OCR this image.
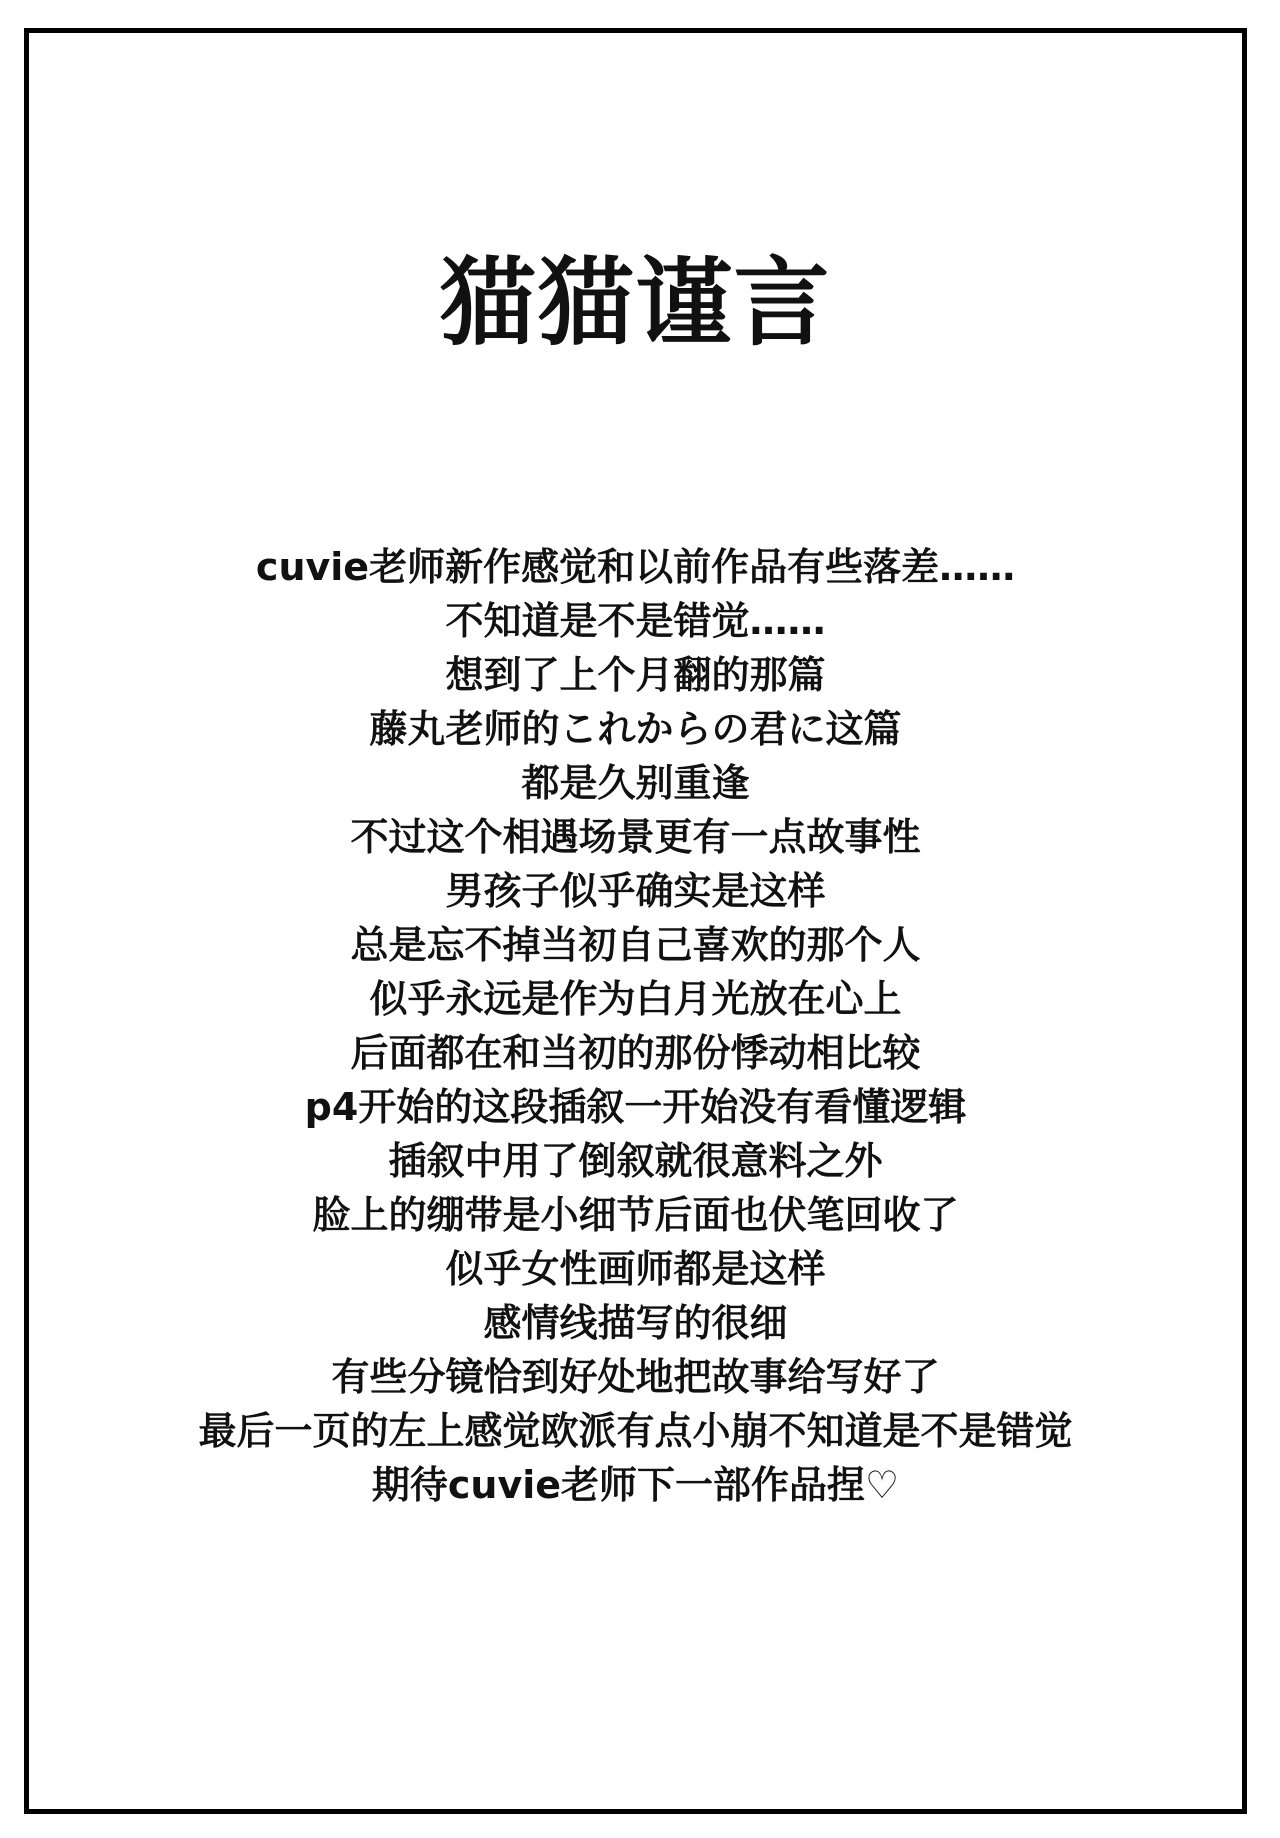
猫猫谨言
cuvie老师新作感觉和以前作品有些落差……
不知道是不是错觉……
想到了上个月翻的那篇
藤丸老师的これからの君に这篇
都是久别重逢
不过这个相遇场景更有一点故事性
男孩子似乎确实是这样
总是忘不掉当初自己喜欢的那个人
似乎永远是作为白月光放在心上
后面都在和当初的那份悸动相比较
p4开始的这段插叙一开始没有看懂逻辑
插叙中用了倒叙就很意料之外
脸上的绷带是小细节后面也伏笔回收了
似乎女性画师都是这样
感情线描写的很细
有些分镜恰到好处地把故事给写好了
最后一页的左上感觉欧派有点小崩不知道是不是错觉
期待cuvie老师下一部作品捏♡
